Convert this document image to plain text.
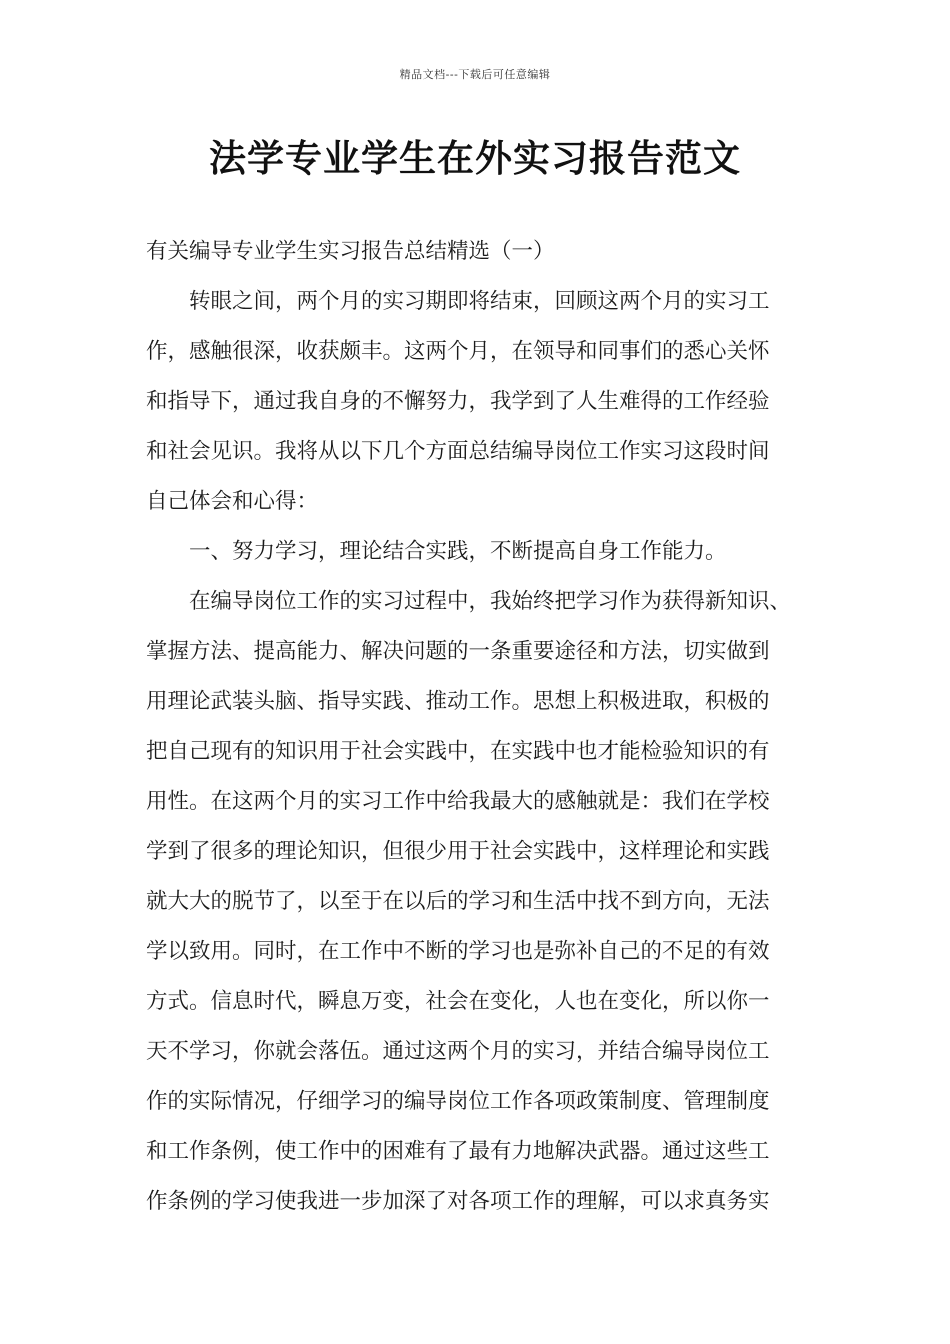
精品文档---下载后可任意编辑
法学专业学生在外实习报告范文
有关编导专业学生实习报告总结精选（一）
转眼之间，两个月的实习期即将结束，回顾这两个月的实习工
作，感触很深，收获颇丰。这两个月，在领导和同事们的悉心关怀
和指导下，通过我自身的不懈努力，我学到了人生难得的工作经验
和社会见识。我将从以下几个方面总结编导岗位工作实习这段时间
自己体会和心得：
一、努力学习，理论结合实践，不断提高自身工作能力。
在编导岗位工作的实习过程中，我始终把学习作为获得新知识、
掌握方法、提高能力、解决问题的一条重要途径和方法，切实做到
用理论武装头脑、指导实践、推动工作。思想上积极进取，积极的
把自己现有的知识用于社会实践中，在实践中也才能检验知识的有
用性。在这两个月的实习工作中给我最大的感触就是：我们在学校
学到了很多的理论知识，但很少用于社会实践中，这样理论和实践
就大大的脱节了，以至于在以后的学习和生活中找不到方向，无法
学以致用。同时，在工作中不断的学习也是弥补自己的不足的有效
方式。信息时代，瞬息万变，社会在变化，人也在变化，所以你一
天不学习，你就会落伍。通过这两个月的实习，并结合编导岗位工
作的实际情况，仔细学习的编导岗位工作各项政策制度、管理制度
和工作条例，使工作中的困难有了最有力地解决武器。通过这些工
作条例的学习使我进一步加深了对各项工作的理解，可以求真务实
